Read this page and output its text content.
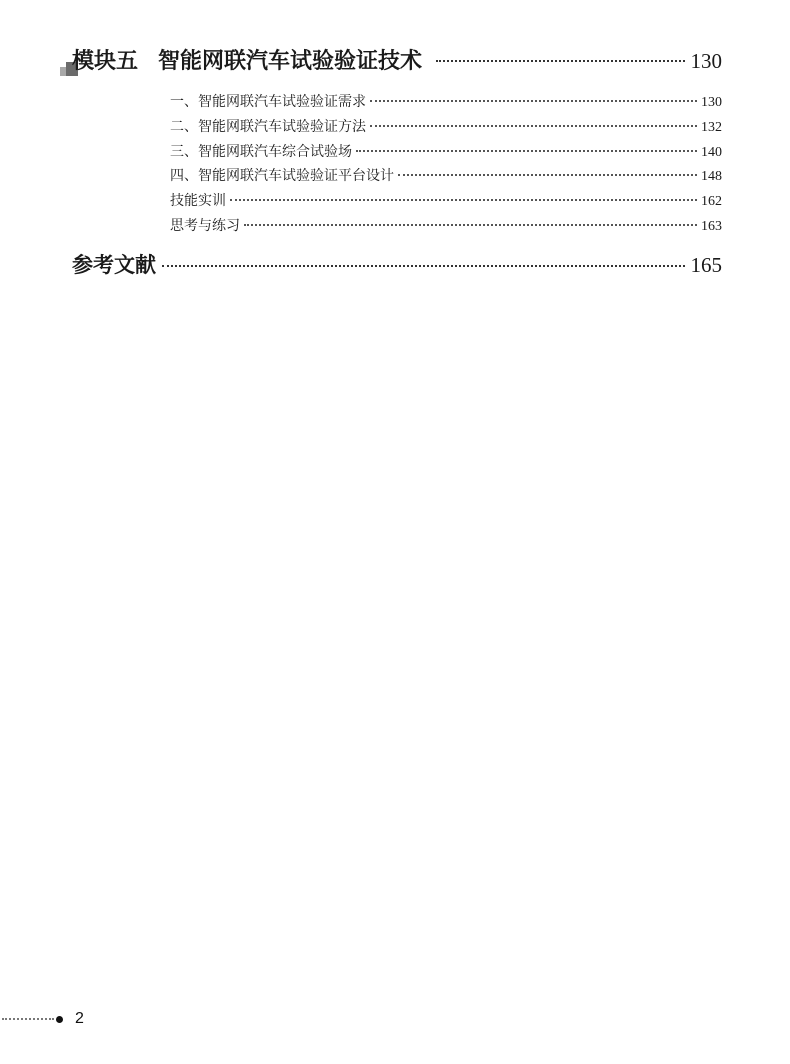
模块五 智能网联汽车试验验证技术	130
一、智能网联汽车试验验证需求	130
二、智能网联汽车试验验证方法	132
三、智能网联汽车综合试验场	140
四、智能网联汽车试验验证平台设计	148
技能实训	162
思考与练习	163
参考文献	165
2
